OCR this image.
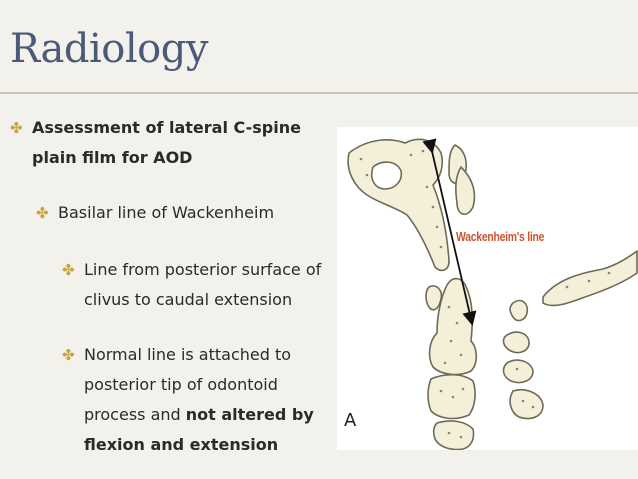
Radiology
✤ Assessment of lateral C-spine plain film for AOD
✤ Basilar line of Wackenheim
✤ Line from posterior surface of clivus to caudal extension
✤ Normal line is attached to posterior tip of odontoid process and not altered by flexion and extension
Wackenheim's line
A
